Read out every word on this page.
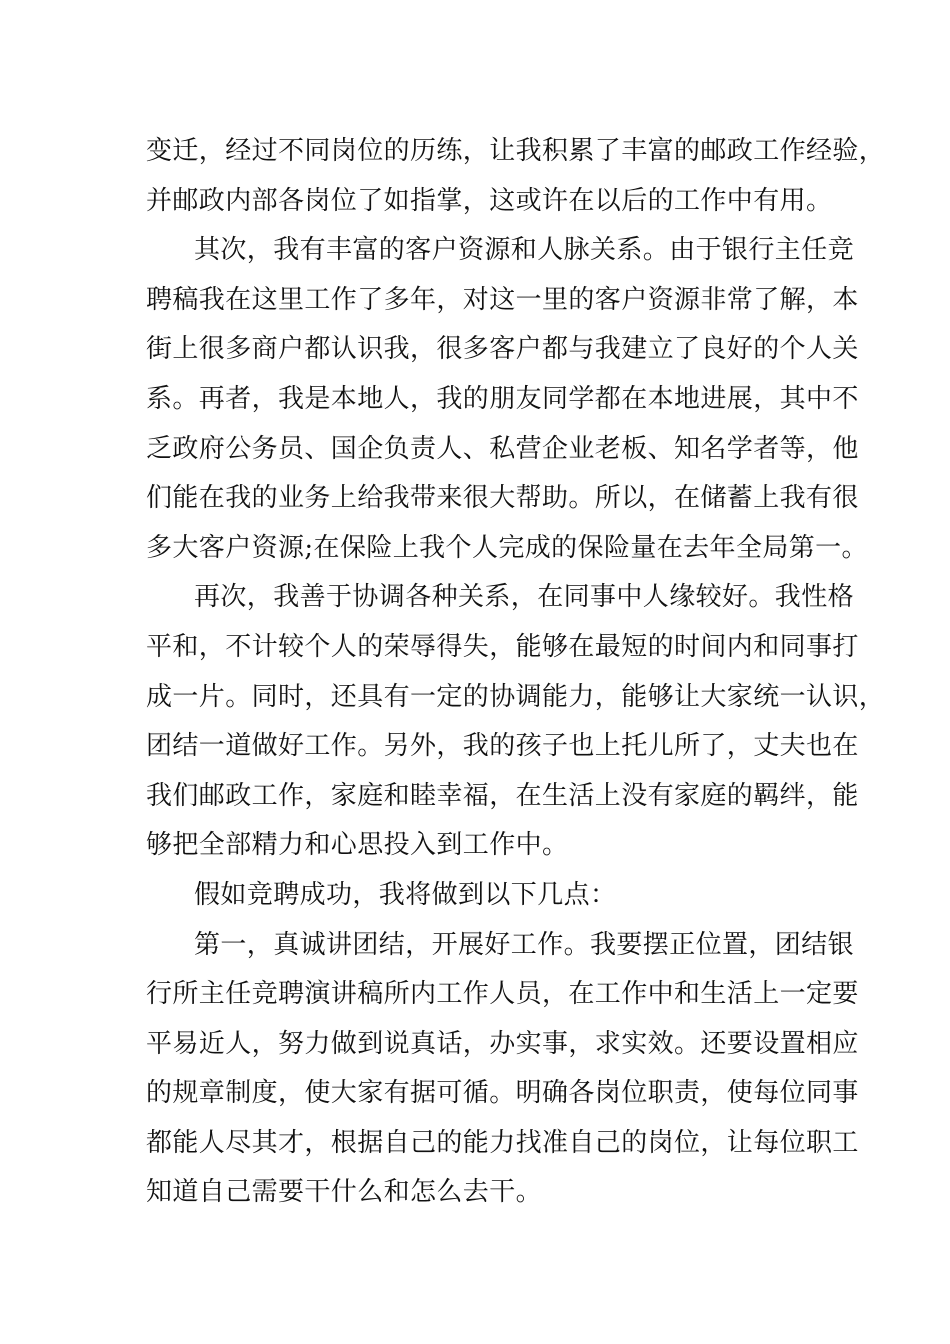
变迁，经过不同岗位的历练，让我积累了丰富的邮政工作经验，
并邮政内部各岗位了如指掌，这或许在以后的工作中有用。
其次，我有丰富的客户资源和人脉关系。由于银行主任竞
聘稿我在这里工作了多年，对这一里的客户资源非常了解，本
街上很多商户都认识我，很多客户都与我建立了良好的个人关
系。再者，我是本地人，我的朋友同学都在本地进展，其中不
乏政府公务员、国企负责人、私营企业老板、知名学者等，他
们能在我的业务上给我带来很大帮助。所以，在储蓄上我有很
多大客户资源;在保险上我个人完成的保险量在去年全局第一。
再次，我善于协调各种关系，在同事中人缘较好。我性格
平和，不计较个人的荣辱得失，能够在最短的时间内和同事打
成一片。同时，还具有一定的协调能力，能够让大家统一认识，
团结一道做好工作。另外，我的孩子也上托儿所了，丈夫也在
我们邮政工作，家庭和睦幸福，在生活上没有家庭的羁绊，能
够把全部精力和心思投入到工作中。
假如竞聘成功，我将做到以下几点：
第一，真诚讲团结，开展好工作。我要摆正位置，团结银
行所主任竞聘演讲稿所内工作人员，在工作中和生活上一定要
平易近人，努力做到说真话，办实事，求实效。还要设置相应
的规章制度，使大家有据可循。明确各岗位职责，使每位同事
都能人尽其才，根据自己的能力找准自己的岗位，让每位职工
知道自己需要干什么和怎么去干。
